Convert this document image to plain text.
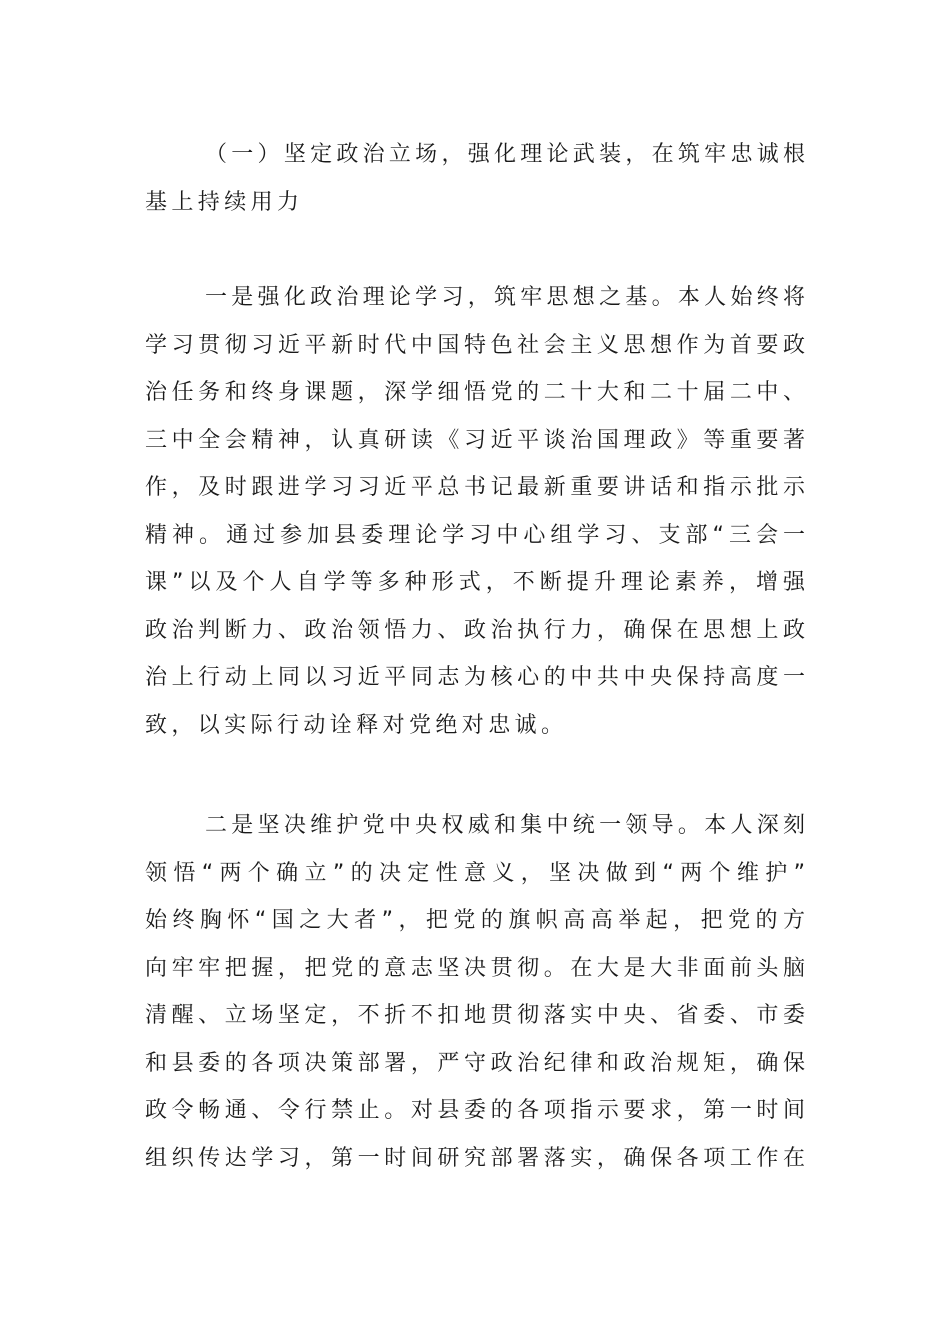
（一）坚定政治立场，强化理论武装，在筑牢忠诚根
基上持续用力
一是强化政治理论学习，筑牢思想之基。本人始终将
学习贯彻习近平新时代中国特色社会主义思想作为首要政
治任务和终身课题，深学细悟党的二十大和二十届二中、
三中全会精神，认真研读《习近平谈治国理政》等重要著
作，及时跟进学习习近平总书记最新重要讲话和指示批示
精神。通过参加县委理论学习中心组学习、支部“三会一
课”以及个人自学等多种形式，不断提升理论素养，增强
政治判断力、政治领悟力、政治执行力，确保在思想上政
治上行动上同以习近平同志为核心的中共中央保持高度一
致，以实际行动诠释对党绝对忠诚。
二是坚决维护党中央权威和集中统一领导。本人深刻
领悟“两个确立”的决定性意义，坚决做到“两个维护”
始终胸怀“国之大者”，把党的旗帜高高举起，把党的方
向牢牢把握，把党的意志坚决贯彻。在大是大非面前头脑
清醒、立场坚定，不折不扣地贯彻落实中央、省委、市委
和县委的各项决策部署，严守政治纪律和政治规矩，确保
政令畅通、令行禁止。对县委的各项指示要求，第一时间
组织传达学习，第一时间研究部署落实，确保各项工作在
